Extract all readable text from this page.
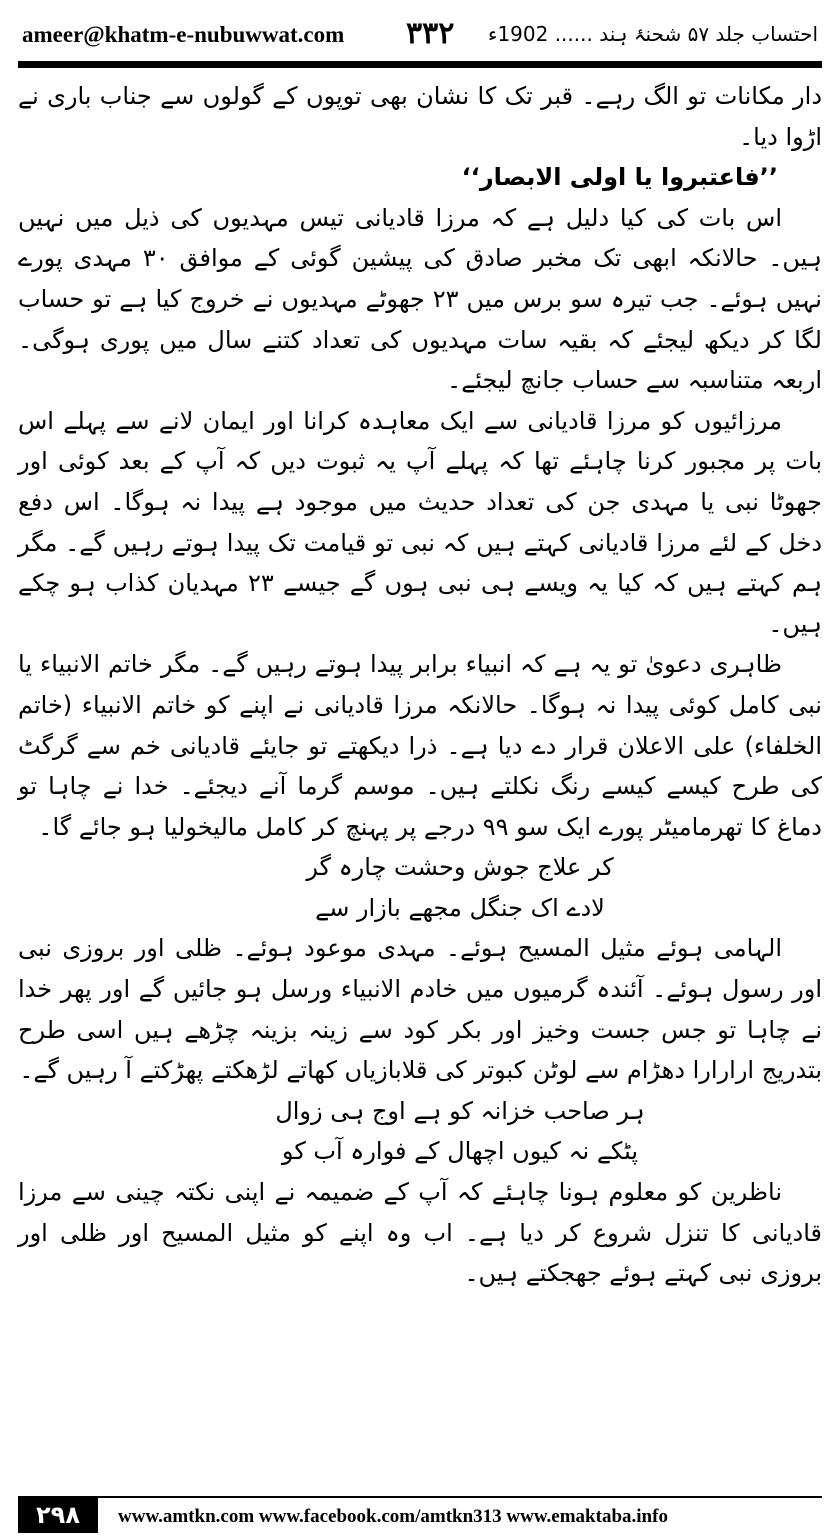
ameer@khatm-e-nubuwwat.com ۳۳۲ احتساب جلد ۵۷ شحنۂ ہند ...... 1902ء

دار مکانات تو الگ رہے۔ قبر تک کا نشان بھی توپوں کے گولوں سے جناب باری نے اڑوا دیا۔

’’فاعتبروا یا اولی الابصار‘‘

اس بات کی کیا دلیل ہے کہ مرزا قادیانی تیس مہدیوں کی ذیل میں نہیں ہیں۔ حالانکہ ابھی تک مخبر صادق کی پیشین گوئی کے موافق ۳۰ مہدی پورے نہیں ہوئے۔ جب تیرہ سو برس میں ۲۳ جھوٹے مہدیوں نے خروج کیا ہے تو حساب لگا کر دیکھ لیجئے کہ بقیہ سات مہدیوں کی تعداد کتنے سال میں پوری ہوگی۔ اربعہ متناسبہ سے حساب جانچ لیجئے۔

مرزائیوں کو مرزا قادیانی سے ایک معاہدہ کرانا اور ایمان لانے سے پہلے اس بات پر مجبور کرنا چاہئے تھا کہ پہلے آپ یہ ثبوت دیں کہ آپ کے بعد کوئی اور جھوٹا نبی یا مہدی جن کی تعداد حدیث میں موجود ہے پیدا نہ ہوگا۔ اس دفع دخل کے لئے مرزا قادیانی کہتے ہیں کہ نبی تو قیامت تک پیدا ہوتے رہیں گے۔ مگر ہم کہتے ہیں کہ کیا یہ ویسے ہی نبی ہوں گے جیسے ۲۳ مہدیان کذاب ہو چکے ہیں۔

ظاہری دعویٰ تو یہ ہے کہ انبیاء برابر پیدا ہوتے رہیں گے۔ مگر خاتم الانبیاء یا نبی کامل کوئی پیدا نہ ہوگا۔ حالانکہ مرزا قادیانی نے اپنے کو خاتم الانبیاء (خاتم الخلفاء) علی الاعلان قرار دے دیا ہے۔ ذرا دیکھتے تو جایئے قادیانی خم سے گرگٹ کی طرح کیسے کیسے رنگ نکلتے ہیں۔ موسم گرما آنے دیجئے۔ خدا نے چاہا تو دماغ کا تھرمامیٹر پورے ایک سو ۹۹ درجے پر پہنچ کر کامل مالیخولیا ہو جائے گا۔

کر علاج جوش وحشت چارہ گر
لادے اک جنگل مجھے بازار سے

الہامی ہوئے مثیل المسیح ہوئے۔ مہدی موعود ہوئے۔ ظلی اور بروزی نبی اور رسول ہوئے۔ آئندہ گرمیوں میں خادم الانبیاء ورسل ہو جائیں گے اور پھر خدا نے چاہا تو جس جست وخیز اور بکر کود سے زینہ بزینہ چڑھے ہیں اسی طرح بتدریج ارارارا دھڑام سے لوٹن کبوتر کی قلابازیاں کھاتے لڑھکتے پھڑکتے آ رہیں گے۔

ہر صاحب خزانہ کو ہے اوج ہی زوال
پٹکے نہ کیوں اچھال کے فوارہ آب کو

ناظرین کو معلوم ہونا چاہئے کہ آپ کے ضمیمہ نے اپنی نکتہ چینی سے مرزا قادیانی کا تنزل شروع کر دیا ہے۔ اب وہ اپنے کو مثیل المسیح اور ظلی اور بروزی نبی کہتے ہوئے جھجکتے ہیں۔

۲۹۸	www.amtkn.com www.facebook.com/amtkn313 www.emaktaba.info
